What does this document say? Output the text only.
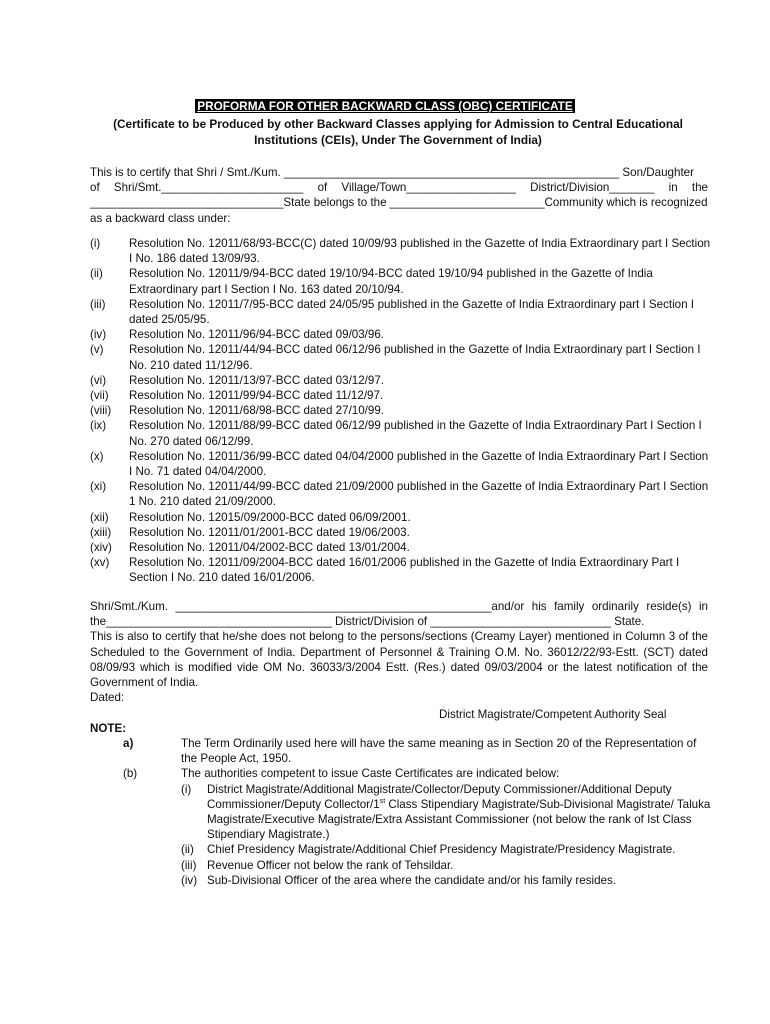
PROFORMA FOR OTHER BACKWARD CLASS (OBC) CERTIFICATE
(Certificate to be Produced by other Backward Classes applying for Admission to Central Educational Institutions (CEIs), Under The Government of India)
This is to certify that Shri / Smt./Kum. ____________________________________________________ Son/Daughter
of Shri/Smt.______________________ of Village/Town_________________ District/Division_______ in the
______________________________State belongs to the ________________________Community which is recognized
as a backward class under:
(i)	Resolution No. 12011/68/93-BCC(C) dated 10/09/93 published in the Gazette of India Extraordinary part I Section I No. 186 dated 13/09/93.
(ii)	Resolution No. 12011/9/94-BCC dated 19/10/94-BCC dated 19/10/94 published in the Gazette of India Extraordinary part I Section I No. 163 dated 20/10/94.
(iii)	Resolution No. 12011/7/95-BCC dated 24/05/95 published in the Gazette of India Extraordinary part I Section I dated 25/05/95.
(iv)	Resolution No. 12011/96/94-BCC dated 09/03/96.
(v)	Resolution No. 12011/44/94-BCC dated 06/12/96 published in the Gazette of India Extraordinary part I Section I No. 210 dated 11/12/96.
(vi)	Resolution No. 12011/13/97-BCC dated 03/12/97.
(vii)	Resolution No. 12011/99/94-BCC dated 11/12/97.
(viii)	Resolution No. 12011/68/98-BCC dated 27/10/99.
(ix)	Resolution No. 12011/88/99-BCC dated 06/12/99 published in the Gazette of India Extraordinary Part I Section I No. 270 dated 06/12/99.
(x)	Resolution No. 12011/36/99-BCC dated 04/04/2000 published in the Gazette of India Extraordinary Part I Section I No. 71 dated 04/04/2000.
(xi)	Resolution No. 12011/44/99-BCC dated 21/09/2000 published in the Gazette of India Extraordinary Part I Section 1 No. 210 dated 21/09/2000.
(xii)	Resolution No. 12015/09/2000-BCC dated 06/09/2001.
(xiii)	Resolution No. 12011/01/2001-BCC dated 19/06/2003.
(xiv)	Resolution No. 12011/04/2002-BCC dated 13/01/2004.
(xv)	Resolution No. 12011/09/2004-BCC dated 16/01/2006 published in the Gazette of India Extraordinary Part I Section I No. 210 dated 16/01/2006.
Shri/Smt./Kum. _________________________________________________and/or his family ordinarily reside(s) in the___________________________________ District/Division of ____________________________ State.
This is also to certify that he/she does not belong to the persons/sections (Creamy Layer) mentioned in Column 3 of the Scheduled to the Government of India. Department of Personnel & Training O.M. No. 36012/22/93-Estt. (SCT) dated 08/09/93 which is modified vide OM No. 36033/3/2004 Estt. (Res.) dated 09/03/2004 or the latest notification of the Government of India.
Dated:
District Magistrate/Competent Authority Seal
NOTE:
a)	The Term Ordinarily used here will have the same meaning as in Section 20 of the Representation of the People Act, 1950.
(b)	The authorities competent to issue Caste Certificates are indicated below:
(i)	District Magistrate/Additional Magistrate/Collector/Deputy Commissioner/Additional Deputy Commissioner/Deputy Collector/1st Class Stipendiary Magistrate/Sub-Divisional Magistrate/ Taluka Magistrate/Executive Magistrate/Extra Assistant Commissioner (not below the rank of Ist Class Stipendiary Magistrate.)
(ii)	Chief Presidency Magistrate/Additional Chief Presidency Magistrate/Presidency Magistrate.
(iii) Revenue Officer not below the rank of Tehsildar.
(iv) Sub-Divisional Officer of the area where the candidate and/or his family resides.
